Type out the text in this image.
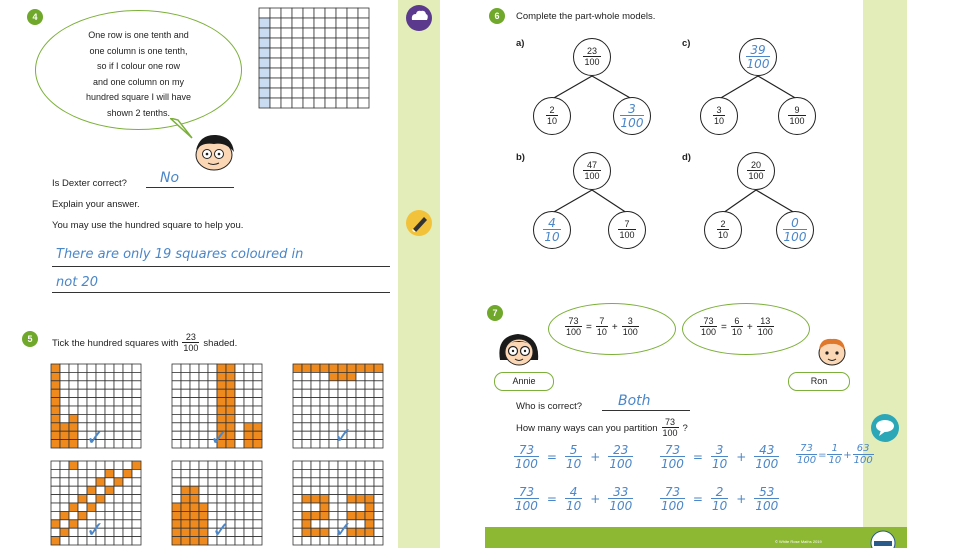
4
One row is one tenth and
one column is one tenth,
so if I colour one row
and one column on my
hundred square I will have
shown 2 tenths.
Is Dexter correct? No
Explain your answer.
You may use the hundred square to help you.
There are only 19 squares coloured in
not 20
5	Tick the hundred squares with $\frac{23}{100}$ shaded.
✓	✓	✓
✓	✓	✓
6	Complete the part-whole models.
a)
$\frac{23}{100}$
$\frac{2}{10}$	$\frac{3}{100}$
c)
$\frac{39}{100}$
$\frac{3}{10}$	$\frac{9}{100}$
b)
$\frac{47}{100}$
$\frac{4}{10}$	$\frac{7}{100}$
d)
$\frac{20}{100}$
$\frac{2}{10}$	$\frac{0}{100}$
7
$\frac{73}{100} = \frac{7}{10} + \frac{3}{100}$	$\frac{73}{100} = \frac{6}{10} + \frac{13}{100}$
Annie	Ron
Who is correct?	Both
How many ways can you partition $\frac{73}{100}$ ?
$\frac{73}{100} = \frac{5}{10} + \frac{23}{100} \frac{73}{100} = \frac{3}{10} + \frac{43}{100} \frac{73}{100} = \frac{1}{10} + \frac{63}{100}$
$\frac{73}{100} = \frac{4}{10} + \frac{33}{100} \frac{73}{100} = \frac{2}{10} + \frac{53}{100}$
© White Rose Maths 2019
